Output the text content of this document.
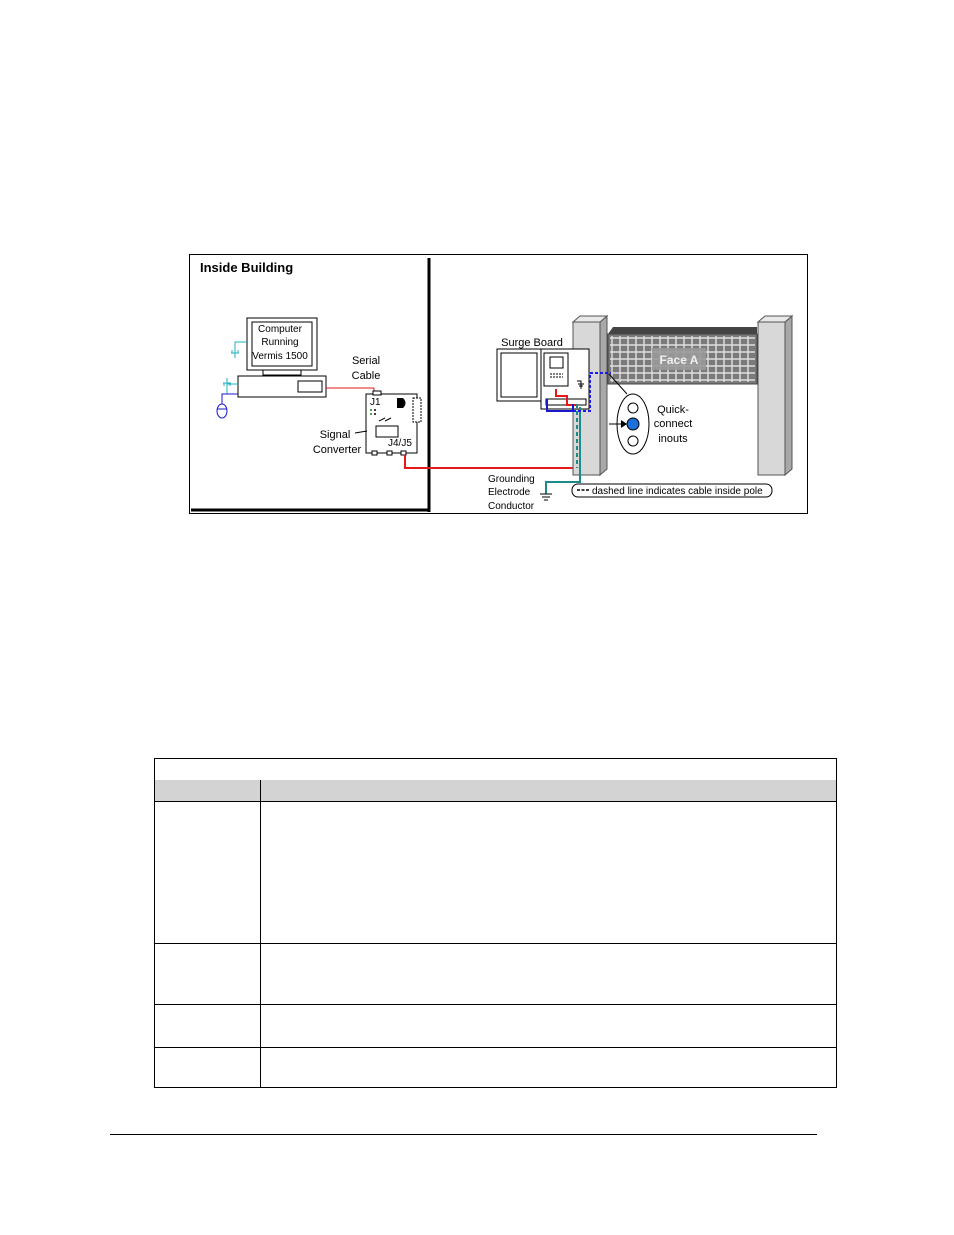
Inside Building
Computer
Running
Vermis 1500	Serial
Cable
J1
J4/J5
Signal
Converter
Face A
Surge Board
Quick-
connect
inouts
Grounding
Electrode
Conductor
dashed line indicates cable inside pole
